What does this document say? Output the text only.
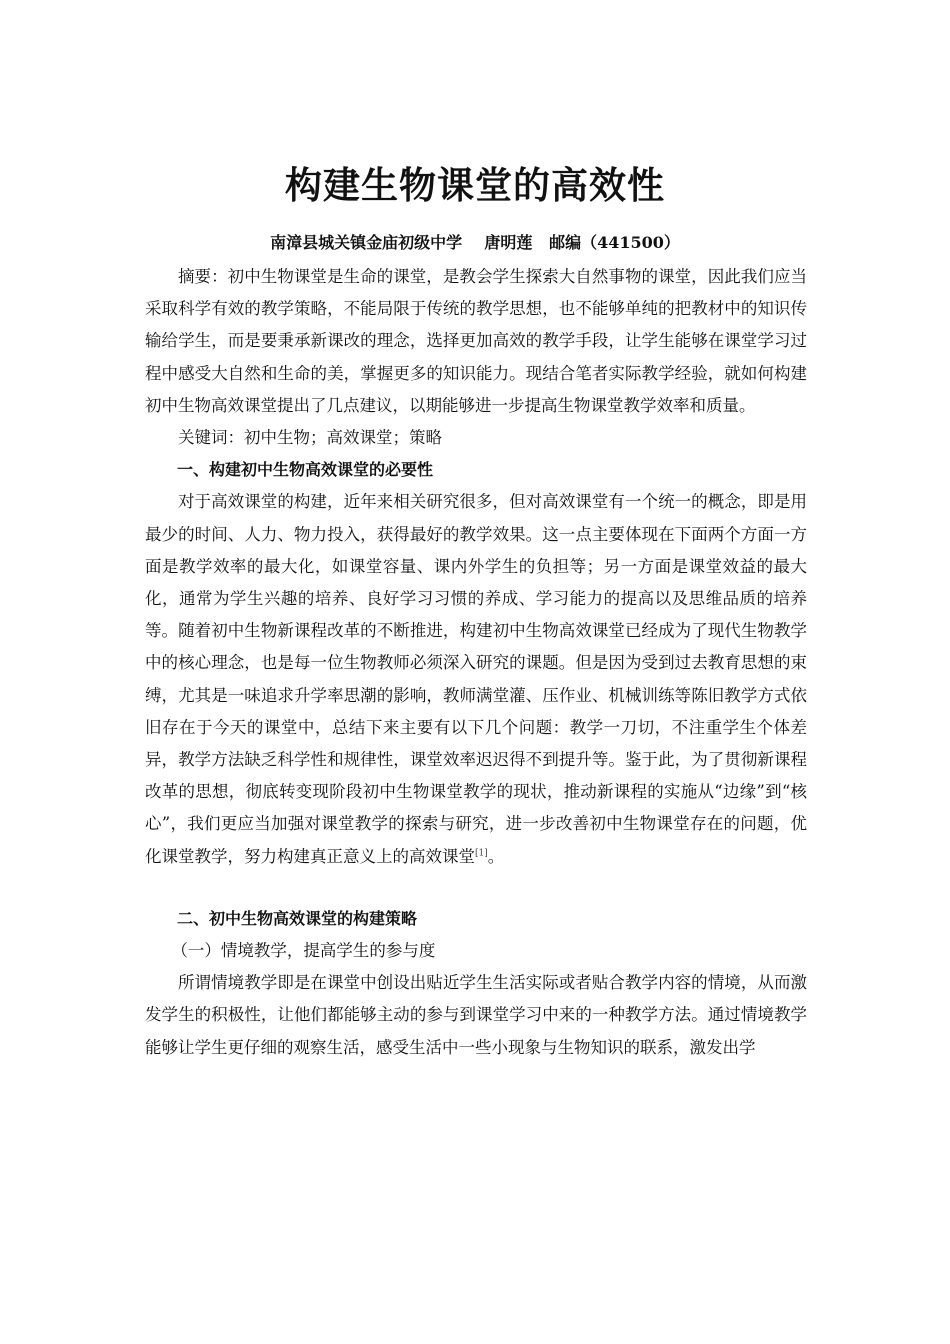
构建生物课堂的高效性
南漳县城关镇金庙初级中学    唐明莲   邮编（441500）

摘要：初中生物课堂是生命的课堂，是教会学生探索大自然事物的课堂，因此我们应当采取科学有效的教学策略，不能局限于传统的教学思想，也不能够单纯的把教材中的知识传输给学生，而是要秉承新课改的理念，选择更加高效的教学手段，让学生能够在课堂学习过程中感受大自然和生命的美，掌握更多的知识能力。现结合笔者实际教学经验，就如何构建初中生物高效课堂提出了几点建议，以期能够进一步提高生物课堂教学效率和质量。

关键词：初中生物；高效课堂；策略

一、构建初中生物高效课堂的必要性

对于高效课堂的构建，近年来相关研究很多，但对高效课堂有一个统一的概念，即是用最少的时间、人力、物力投入，获得最好的教学效果。这一点主要体现在下面两个方面一方面是教学效率的最大化，如课堂容量、课内外学生的负担等；另一方面是课堂效益的最大化，通常为学生兴趣的培养、良好学习习惯的养成、学习能力的提高以及思维品质的培养等。随着初中生物新课程改革的不断推进，构建初中生物高效课堂已经成为了现代生物教学中的核心理念，也是每一位生物教师必须深入研究的课题。但是因为受到过去教育思想的束缚，尤其是一味追求升学率思潮的影响，教师满堂灌、压作业、机械训练等陈旧教学方式依旧存在于今天的课堂中，总结下来主要有以下几个问题：教学一刀切，不注重学生个体差异，教学方法缺乏科学性和规律性，课堂效率迟迟得不到提升等。鉴于此，为了贯彻新课程改革的思想，彻底转变现阶段初中生物课堂教学的现状，推动新课程的实施从“边缘”到“核心”，我们更应当加强对课堂教学的探索与研究，进一步改善初中生物课堂存在的问题，优化课堂教学，努力构建真正意义上的高效课堂[1]。

二、初中生物高效课堂的构建策略

（一）情境教学，提高学生的参与度

所谓情境教学即是在课堂中创设出贴近学生生活实际或者贴合教学内容的情境，从而激发学生的积极性，让他们都能够主动的参与到课堂学习中来的一种教学方法。通过情境教学能够让学生更仔细的观察生活，感受生活中一些小现象与生物知识的联系，激发出学
